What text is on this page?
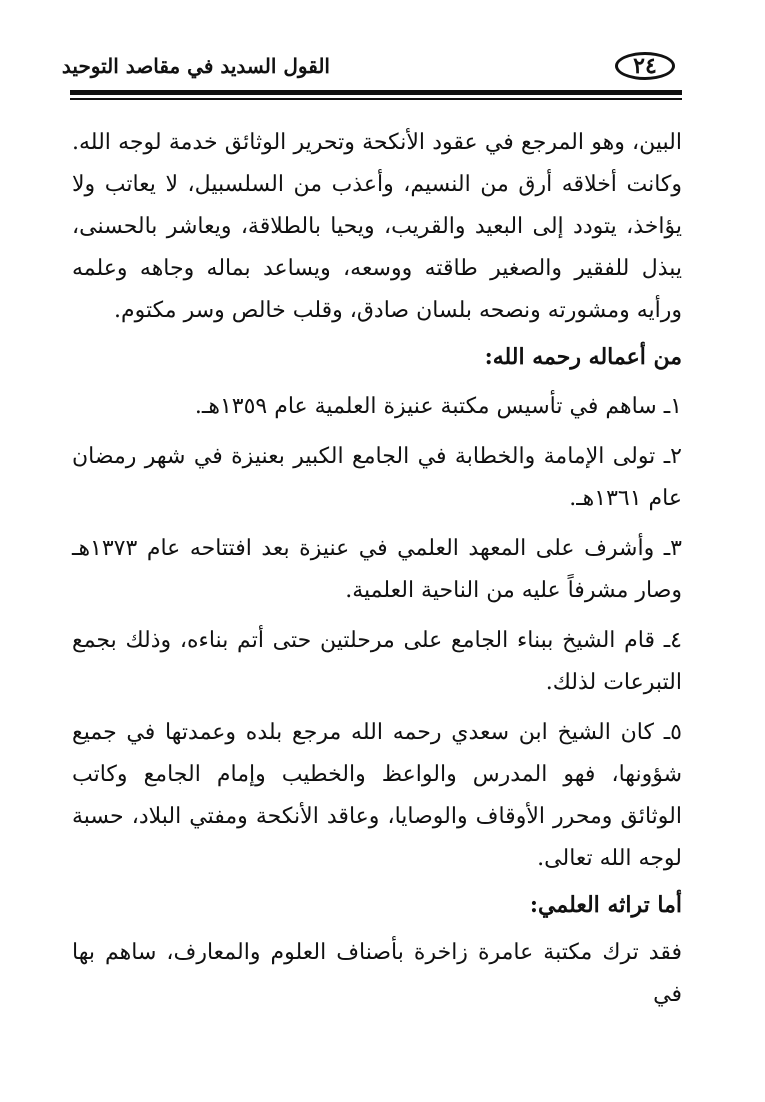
٢٤
القول السديد في مقاصد التوحيد

البين، وهو المرجع في عقود الأنكحة وتحرير الوثائق خدمة لوجه الله. وكانت أخلاقه أرق من النسيم، وأعذب من السلسبيل، لا يعاتب ولا يؤاخذ، يتودد إلى البعيد والقريب، ويحيا بالطلاقة، ويعاشر بالحسنى، يبذل للفقير والصغير طاقته ووسعه، ويساعد بماله وجاهه وعلمه ورأيه ومشورته ونصحه بلسان صادق، وقلب خالص وسر مكتوم.

من أعماله رحمه الله:

١ـ ساهم في تأسيس مكتبة عنيزة العلمية عام ١٣٥٩هـ.

٢ـ تولى الإمامة والخطابة في الجامع الكبير بعنيزة في شهر رمضان عام ١٣٦١هـ.

٣ـ وأشرف على المعهد العلمي في عنيزة بعد افتتاحه عام ١٣٧٣هـ وصار مشرفاً عليه من الناحية العلمية.

٤ـ قام الشيخ ببناء الجامع على مرحلتين حتى أتم بناءه، وذلك بجمع التبرعات لذلك.

٥ـ كان الشيخ ابن سعدي رحمه الله مرجع بلده وعمدتها في جميع شؤونها، فهو المدرس والواعظ والخطيب وإمام الجامع وكاتب الوثائق ومحرر الأوقاف والوصايا، وعاقد الأنكحة ومفتي البلاد، حسبة لوجه الله تعالى.

أما تراثه العلمي:

فقد ترك مكتبة عامرة زاخرة بأصناف العلوم والمعارف، ساهم بها في
